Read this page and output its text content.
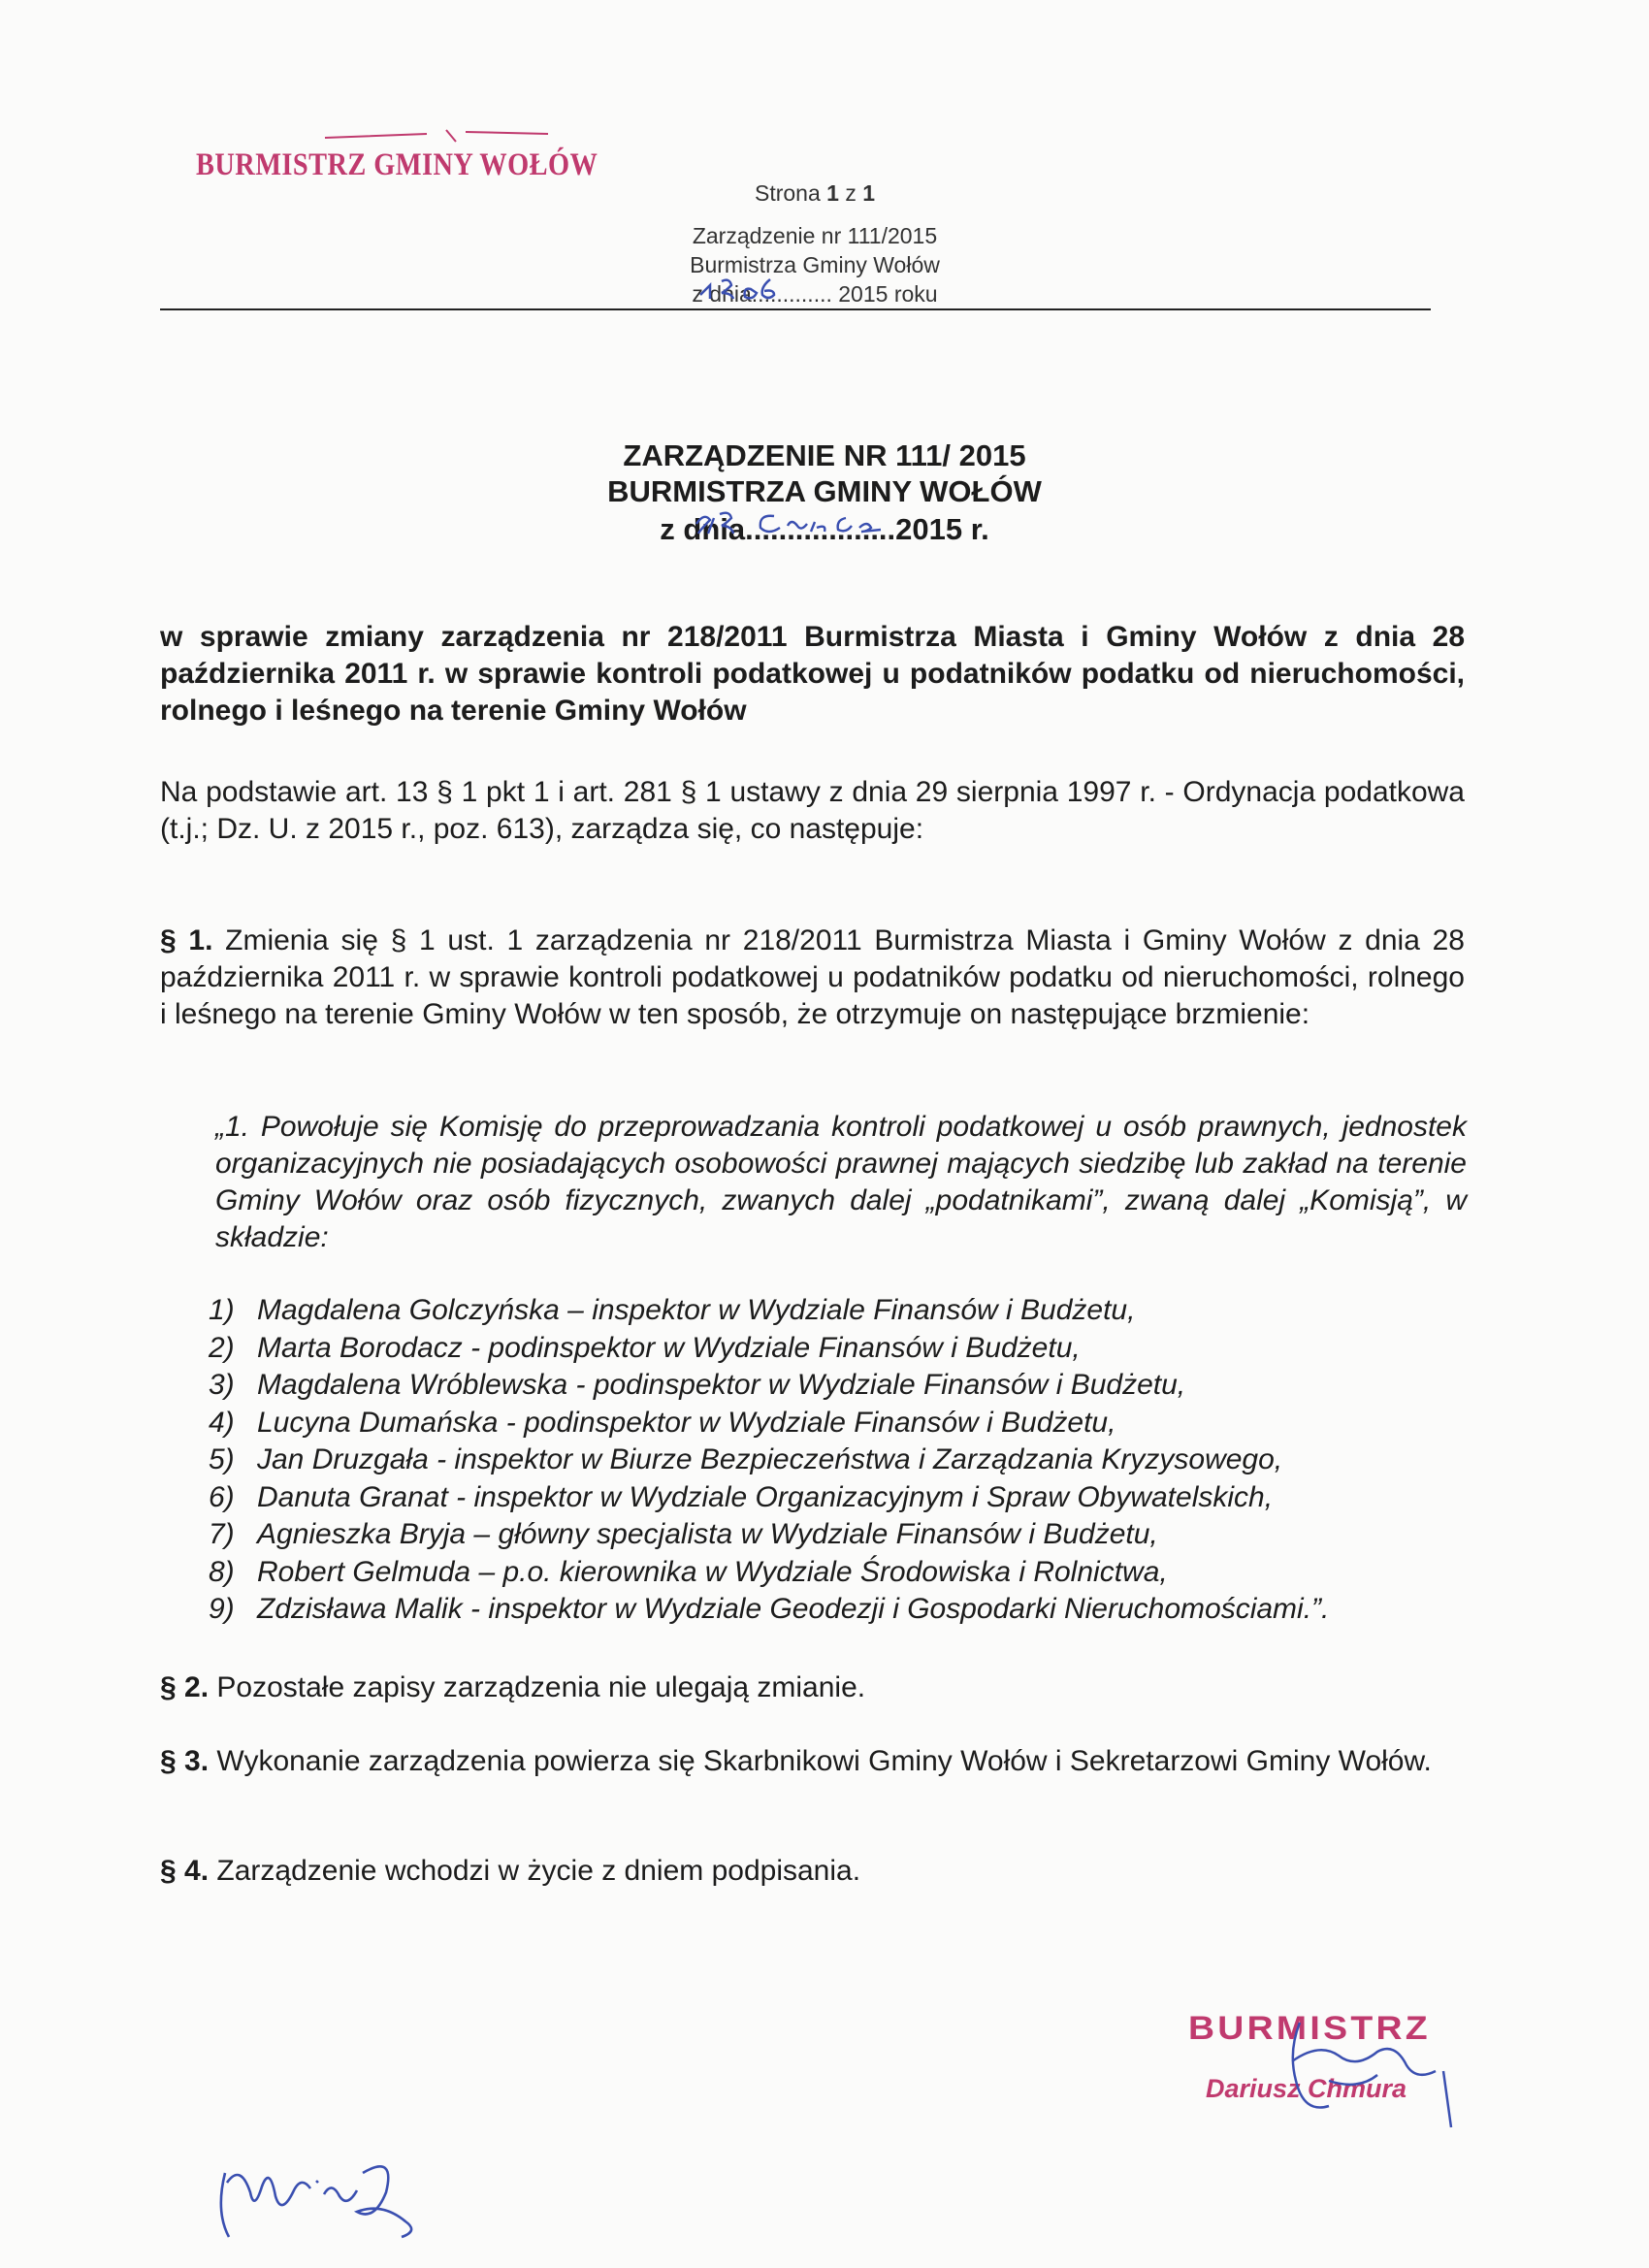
BURMISTRZ GMINY WOŁÓW
Strona 1 z 1
Zarządzenie nr 111/2015
Burmistrza Gminy Wołów
z dnia............. 2015 roku
ZARZĄDZENIE NR 111/ 2015
BURMISTRZA GMINY WOŁÓW
z dnia..................2015 r.
w sprawie zmiany zarządzenia nr 218/2011 Burmistrza Miasta i Gminy Wołów z dnia 28 października 2011 r. w sprawie kontroli podatkowej u podatników podatku od nieruchomości, rolnego i leśnego na terenie Gminy Wołów
Na podstawie art. 13 § 1 pkt 1 i art. 281 § 1 ustawy z dnia 29 sierpnia 1997 r. - Ordynacja podatkowa (t.j.; Dz. U. z 2015 r., poz. 613), zarządza się, co następuje:
§ 1. Zmienia się § 1 ust. 1 zarządzenia nr 218/2011 Burmistrza Miasta i Gminy Wołów z dnia 28 października 2011 r. w sprawie kontroli podatkowej u podatników podatku od nieruchomości, rolnego i leśnego na terenie Gminy Wołów w ten sposób, że otrzymuje on następujące brzmienie:
„1. Powołuje się Komisję do przeprowadzania kontroli podatkowej u osób prawnych, jednostek organizacyjnych nie posiadających osobowości prawnej mających siedzibę lub zakład na terenie Gminy Wołów oraz osób fizycznych, zwanych dalej „podatnikami”, zwaną dalej „Komisją”, w składzie:
1) Magdalena Golczyńska – inspektor w Wydziale Finansów i Budżetu,
2) Marta Borodacz - podinspektor w Wydziale Finansów i Budżetu,
3) Magdalena Wróblewska - podinspektor w Wydziale Finansów i Budżetu,
4) Lucyna Dumańska - podinspektor w Wydziale Finansów i Budżetu,
5) Jan Druzgała - inspektor w Biurze Bezpieczeństwa i Zarządzania Kryzysowego,
6) Danuta Granat - inspektor w Wydziale Organizacyjnym i Spraw Obywatelskich,
7) Agnieszka Bryja – główny specjalista w Wydziale Finansów i Budżetu,
8) Robert Gelmuda – p.o. kierownika w Wydziale Środowiska i Rolnictwa,
9) Zdzisława Malik - inspektor w Wydziale Geodezji i Gospodarki Nieruchomościami.”.
§ 2. Pozostałe zapisy zarządzenia nie ulegają zmianie.
§ 3. Wykonanie zarządzenia powierza się Skarbnikowi Gminy Wołów i Sekretarzowi Gminy Wołów.
§ 4. Zarządzenie wchodzi w życie z dniem podpisania.
BURMISTRZ
Dariusz Chmura
